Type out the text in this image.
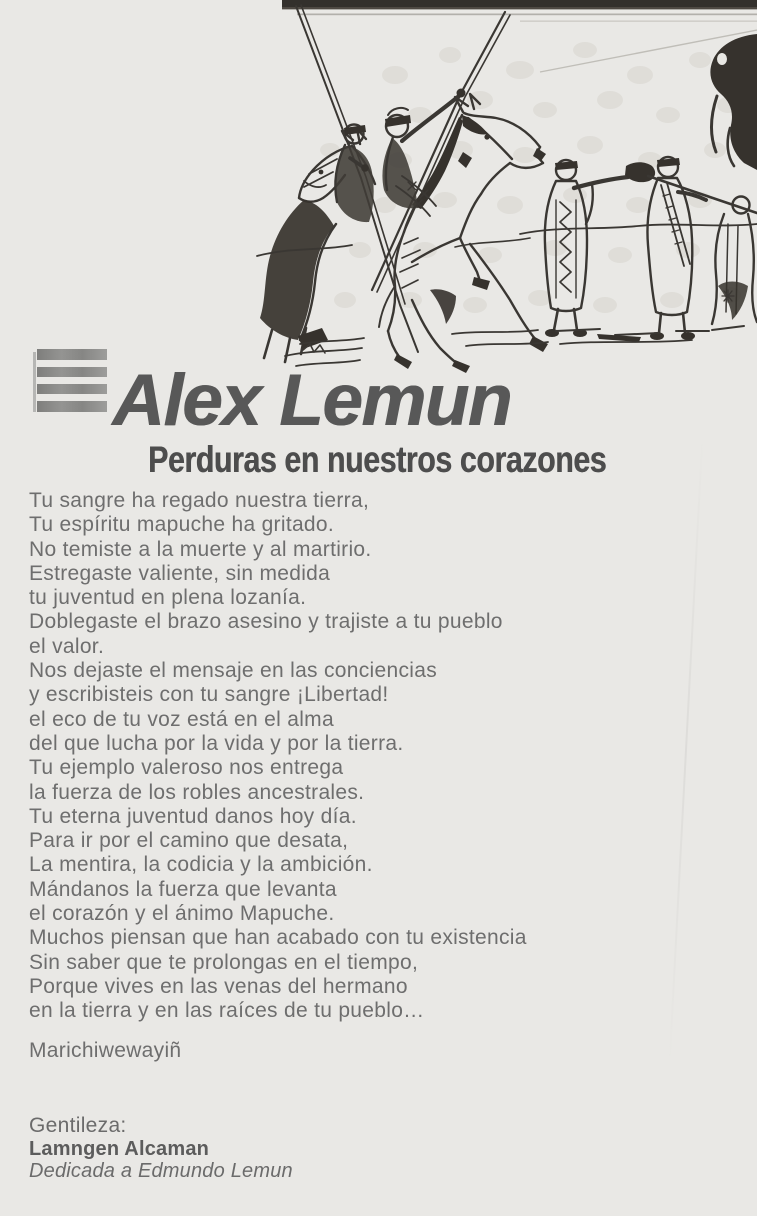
Alex Lemun
Perduras en nuestros corazones
Tu sangre ha regado nuestra tierra,
Tu espíritu mapuche ha gritado.
No temiste a la muerte y al martirio.
Estregaste valiente, sin medida
tu juventud en plena lozanía.
Doblegaste el brazo asesino y trajiste a tu pueblo
el valor.
Nos dejaste el mensaje en las conciencias
y escribisteis con tu sangre ¡Libertad!
el eco de tu voz está en el alma
del que lucha por la vida y por la tierra.
Tu ejemplo valeroso nos entrega
la fuerza de los robles ancestrales.
Tu eterna juventud danos hoy día.
Para ir por el camino que desata,
La mentira, la codicia y la ambición.
Mándanos la fuerza que levanta
el corazón y el ánimo Mapuche.
Muchos piensan que han acabado con tu existencia
Sin saber que te prolongas en el tiempo,
Porque vives en las venas del hermano
en la tierra y en las raíces de tu pueblo…

Marichiwewayiñ

Gentileza:

Lamngen Alcaman

Dedicada a Edmundo Lemun
